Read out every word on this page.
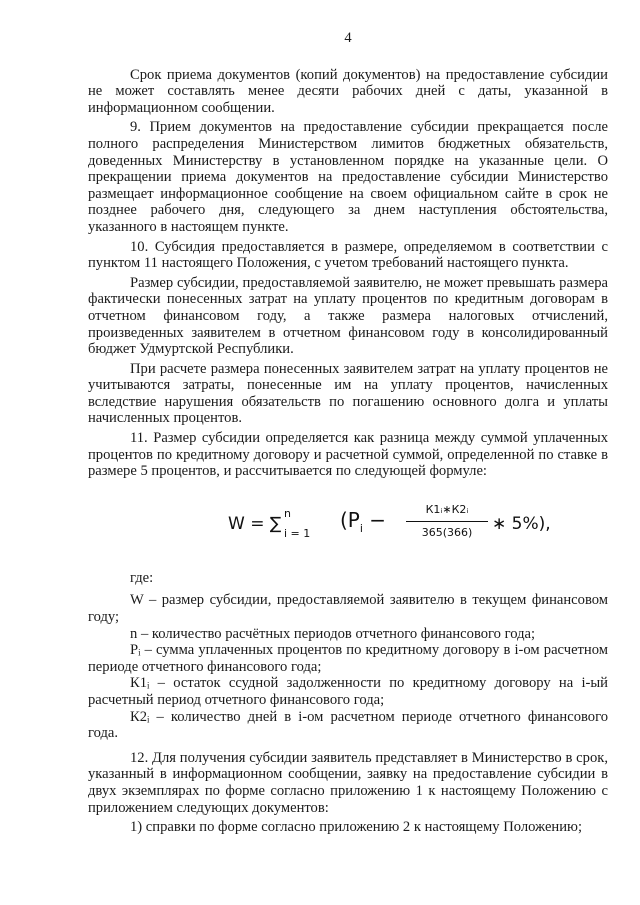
4

Срок приема документов (копий документов) на предоставление субсидии не может составлять менее десяти рабочих дней с даты, указанной в информационном сообщении.

9. Прием документов на предоставление субсидии прекращается после полного распределения Министерством лимитов бюджетных обязательств, доведенных Министерству в установленном порядке на указанные цели. О прекращении приема документов на предоставление субсидии Министерство размещает информационное сообщение на своем официальном сайте в срок не позднее рабочего дня, следующего за днем наступления обстоятельства, указанного в настоящем пункте.

10. Субсидия предоставляется в размере, определяемом в соответствии с пунктом 11 настоящего Положения, с учетом требований настоящего пункта.

Размер субсидии, предоставляемой заявителю, не может превышать размера фактически понесенных затрат на уплату процентов по кредитным договорам в отчетном финансовом году, а также размера налоговых отчислений, произведенных заявителем в отчетном финансовом году в консолидированный бюджет Удмуртской Республики.

При расчете размера понесенных заявителем затрат на уплату процентов не учитываются затраты, понесенные им на уплату процентов, начисленных вследствие нарушения обязательств по погашению основного долга и уплаты начисленных процентов.

11. Размер субсидии определяется как разница между суммой уплаченных процентов по кредитному договору и расчетной суммой, определенной по ставке в размере 5 процентов, и рассчитывается по следующей формуле:

W = ∑
n
i = 1
($P_i$ −	К1ᵢ∗К2ᵢ
365(366)	∗ 5%),

где:

W – размер субсидии, предоставляемой заявителю в текущем финансовом году;

n – количество расчётных периодов отчетного финансового года;

Pᵢ – сумма уплаченных процентов по кредитному договору в i-ом расчетном периоде отчетного финансового года;

К1ᵢ – остаток ссудной задолженности по кредитному договору на i-ый расчетный период отчетного финансового года;

К2ᵢ – количество дней в i-ом расчетном периоде отчетного финансового года.

12. Для получения субсидии заявитель представляет в Министерство в срок, указанный в информационном сообщении, заявку на предоставление субсидии в двух экземплярах по форме согласно приложению 1 к настоящему Положению с приложением следующих документов:

1) справки по форме согласно приложению 2 к настоящему Положению;
